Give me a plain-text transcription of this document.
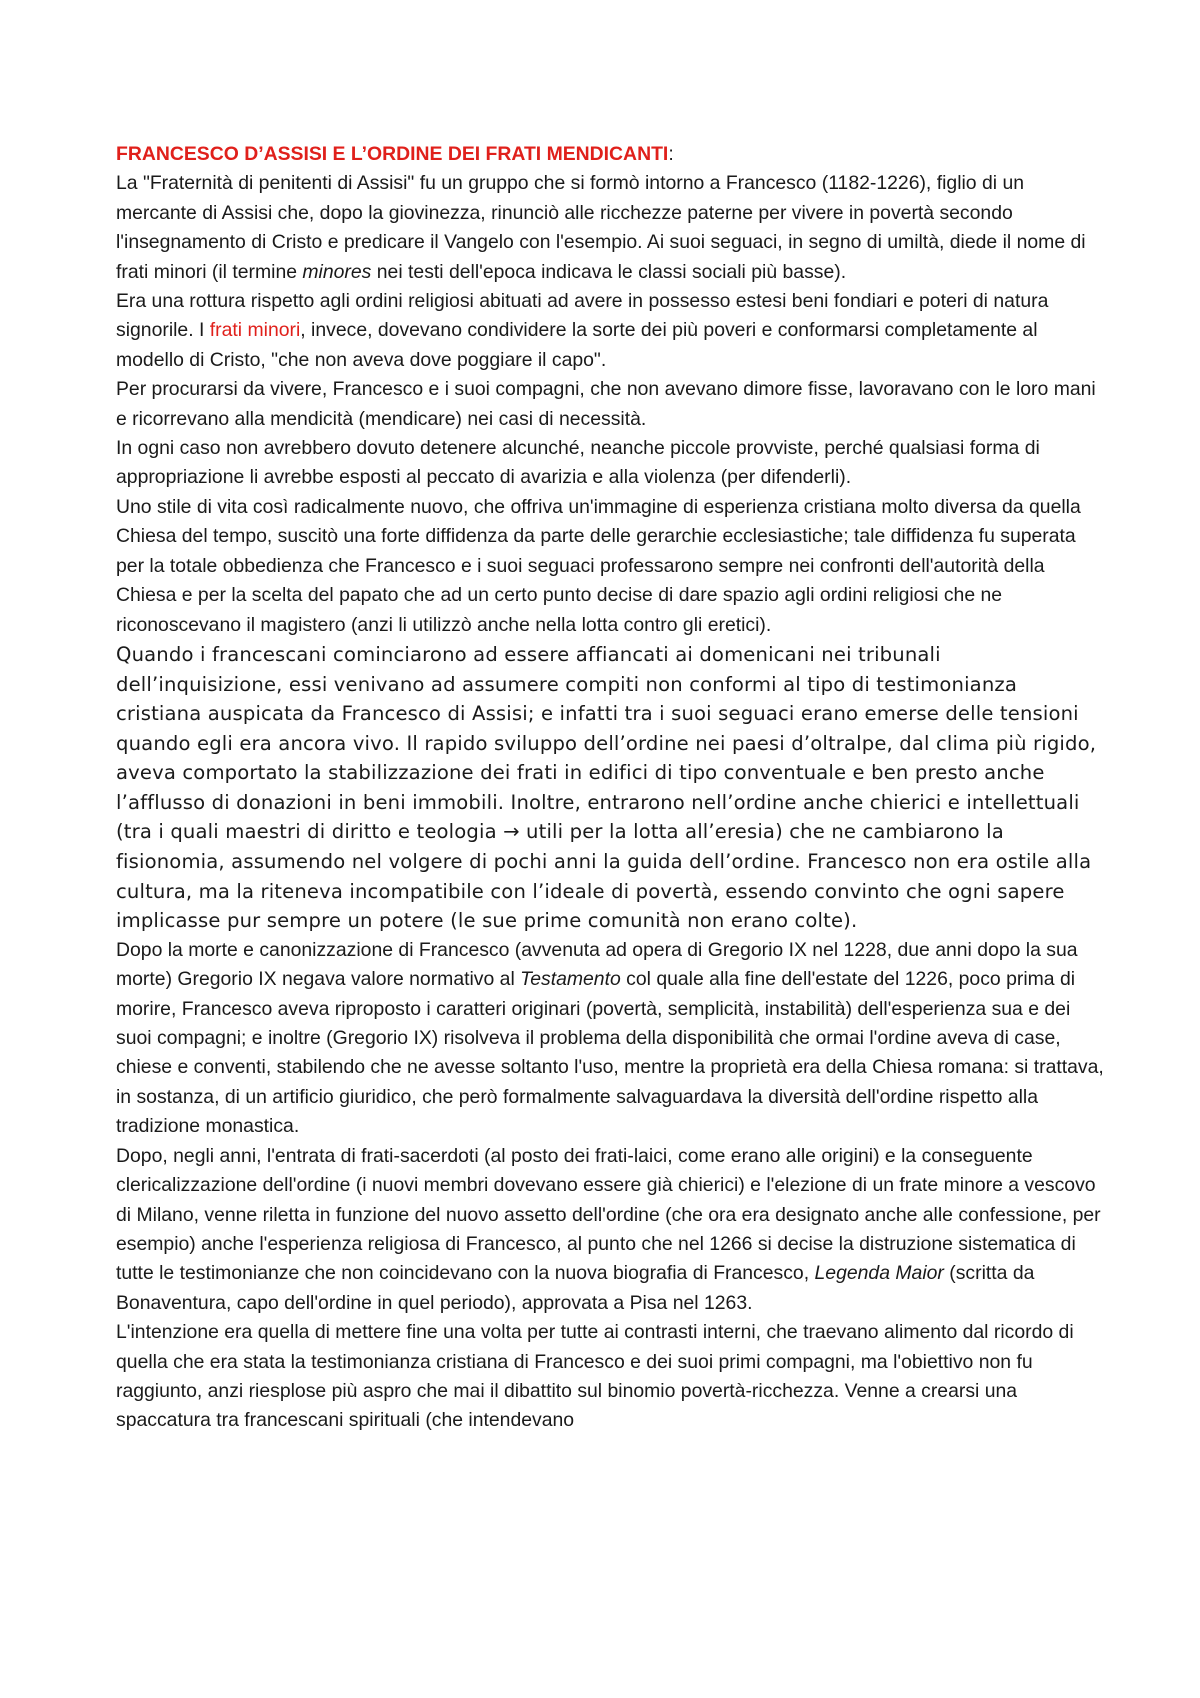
FRANCESCO D’ASSISI E L’ORDINE DEI FRATI MENDICANTI:

La "Fraternità di penitenti di Assisi" fu un gruppo che si formò intorno a Francesco (1182-1226), figlio di un mercante di Assisi che, dopo la giovinezza, rinunciò alle ricchezze paterne per vivere in povertà secondo l'insegnamento di Cristo e predicare il Vangelo con l'esempio. Ai suoi seguaci, in segno di umiltà, diede il nome di frati minori (il termine minores nei testi dell'epoca indicava le classi sociali più basse).

Era una rottura rispetto agli ordini religiosi abituati ad avere in possesso estesi beni fondiari e poteri di natura signorile. I frati minori, invece, dovevano condividere la sorte dei più poveri e conformarsi completamente al modello di Cristo, "che non aveva dove poggiare il capo".

Per procurarsi da vivere, Francesco e i suoi compagni, che non avevano dimore fisse, lavoravano con le loro mani e ricorrevano alla mendicità (mendicare) nei casi di necessità.

In ogni caso non avrebbero dovuto detenere alcunché, neanche piccole provviste, perché qualsiasi forma di appropriazione li avrebbe esposti al peccato di avarizia e alla violenza (per difenderli).

Uno stile di vita così radicalmente nuovo, che offriva un'immagine di esperienza cristiana molto diversa da quella Chiesa del tempo, suscitò una forte diffidenza da parte delle gerarchie ecclesiastiche; tale diffidenza fu superata per la totale obbedienza che Francesco e i suoi seguaci professarono sempre nei confronti dell'autorità della Chiesa e per la scelta del papato che ad un certo punto decise di dare spazio agli ordini religiosi che ne riconoscevano il magistero (anzi li utilizzò anche nella lotta contro gli eretici).

Quando i francescani cominciarono ad essere affiancati ai domenicani nei tribunali dell’inquisizione, essi venivano ad assumere compiti non conformi al tipo di testimonianza cristiana auspicata da Francesco di Assisi; e infatti tra i suoi seguaci erano emerse delle tensioni quando egli era ancora vivo. Il rapido sviluppo dell’ordine nei paesi d’oltralpe, dal clima più rigido, aveva comportato la stabilizzazione dei frati in edifici di tipo conventuale e ben presto anche l’afflusso di donazioni in beni immobili. Inoltre, entrarono nell’ordine anche chierici e intellettuali (tra i quali maestri di diritto e teologia → utili per la lotta all’eresia) che ne cambiarono la fisionomia, assumendo nel volgere di pochi anni la guida dell’ordine. Francesco non era ostile alla cultura, ma la riteneva incompatibile con l’ideale di povertà, essendo convinto che ogni sapere implicasse pur sempre un potere (le sue prime comunità non erano colte).

Dopo la morte e canonizzazione di Francesco (avvenuta ad opera di Gregorio IX nel 1228, due anni dopo la sua morte) Gregorio IX negava valore normativo al Testamento col quale alla fine dell'estate del 1226, poco prima di morire, Francesco aveva riproposto i caratteri originari (povertà, semplicità, instabilità) dell'esperienza sua e dei suoi compagni; e inoltre (Gregorio IX) risolveva il problema della disponibilità che ormai l'ordine aveva di case, chiese e conventi, stabilendo che ne avesse soltanto l'uso, mentre la proprietà era della Chiesa romana: si trattava, in sostanza, di un artificio giuridico, che però formalmente salvaguardava la diversità dell'ordine rispetto alla tradizione monastica.

Dopo, negli anni, l'entrata di frati-sacerdoti (al posto dei frati-laici, come erano alle origini) e la conseguente clericalizzazione dell'ordine (i nuovi membri dovevano essere già chierici) e l'elezione di un frate minore a vescovo di Milano, venne riletta in funzione del nuovo assetto dell'ordine (che ora era designato anche alle confessione, per esempio) anche l'esperienza religiosa di Francesco, al punto che nel 1266 si decise la distruzione sistematica di tutte le testimonianze che non coincidevano con la nuova biografia di Francesco, Legenda Maior (scritta da Bonaventura, capo dell'ordine in quel periodo), approvata a Pisa nel 1263.

L'intenzione era quella di mettere fine una volta per tutte ai contrasti interni, che traevano alimento dal ricordo di quella che era stata la testimonianza cristiana di Francesco e dei suoi primi compagni, ma l'obiettivo non fu raggiunto, anzi riesplose più aspro che mai il dibattito sul binomio povertà-ricchezza. Venne a crearsi una spaccatura tra francescani spirituali (che intendevano
